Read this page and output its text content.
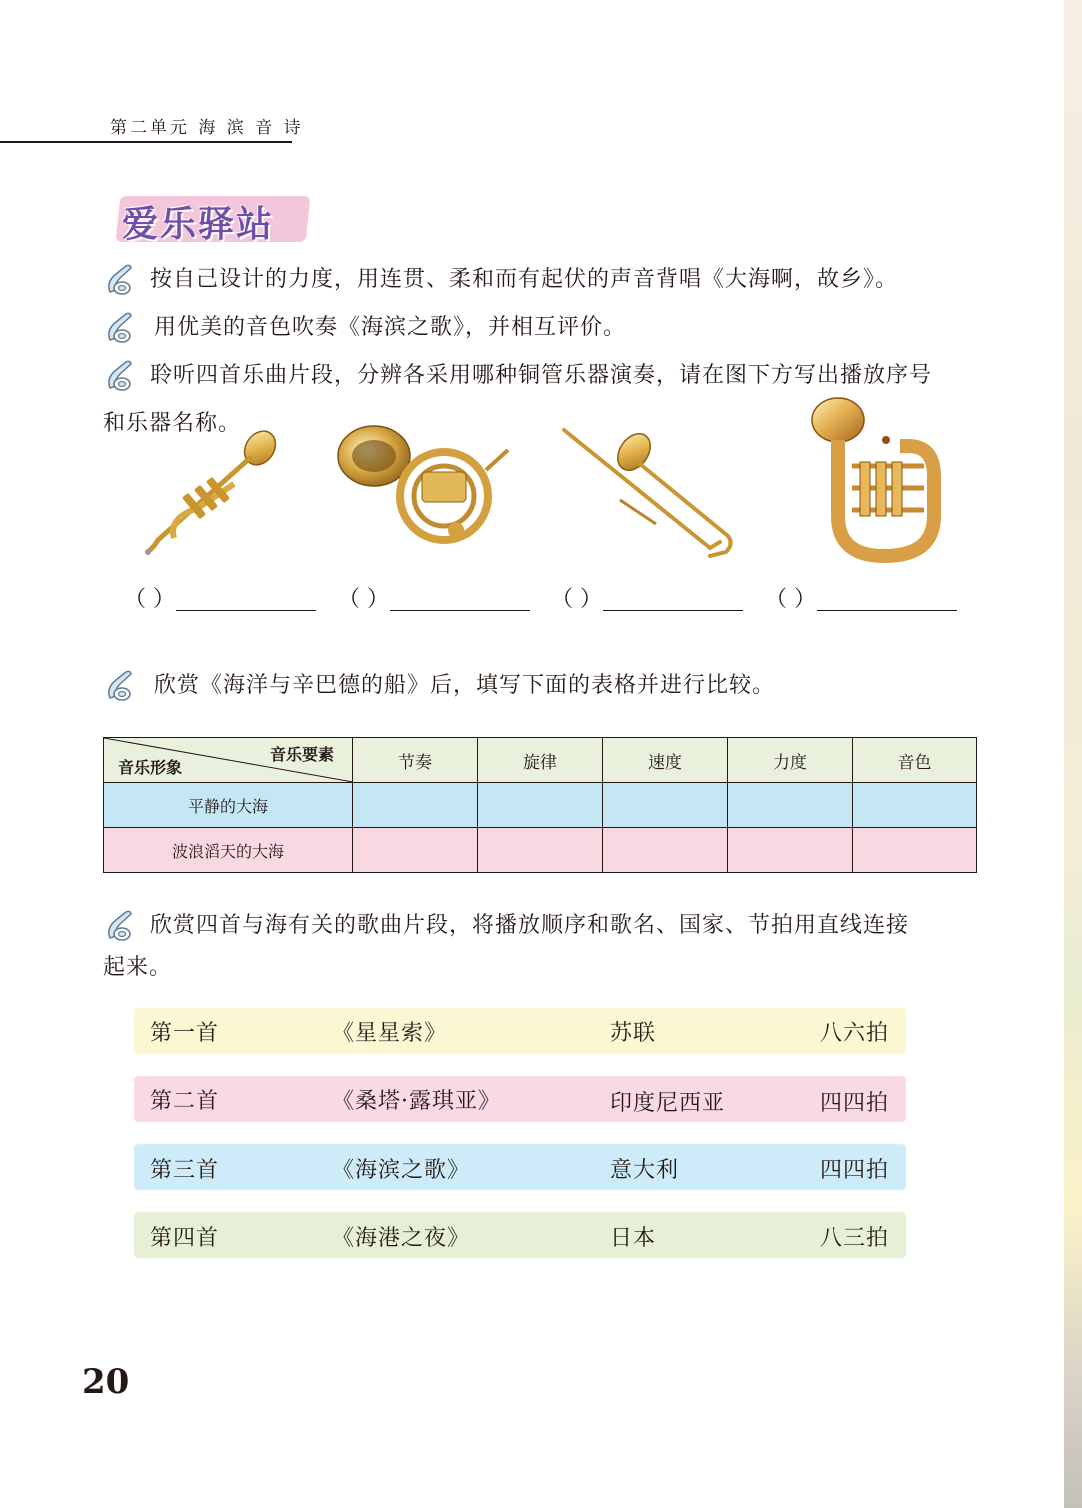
第二单元 海 滨 音 诗
爱乐驿站
按自己设计的力度，用连贯、柔和而有起伏的声音背唱《大海啊，故乡》。
用优美的音色吹奏《海滨之歌》，并相互评价。
聆听四首乐曲片段，分辨各采用哪种铜管乐器演奏，请在图下方写出播放序号
和乐器名称。
（ ）	（ ）	（ ）	（ ）
欣赏《海洋与辛巴德的船》后，填写下面的表格并进行比较。
音乐要素
音乐形象	节奏	旋律	速度	力度	音色
平静的大海					
波浪滔天的大海					
欣赏四首与海有关的歌曲片段，将播放顺序和歌名、国家、节拍用直线连接
起来。
第一首	《星星索》	苏联	八六拍
第二首	《桑塔·露琪亚》	印度尼西亚	四四拍
第三首	《海滨之歌》	意大利	四四拍
第四首	《海港之夜》	日本	八三拍
20
